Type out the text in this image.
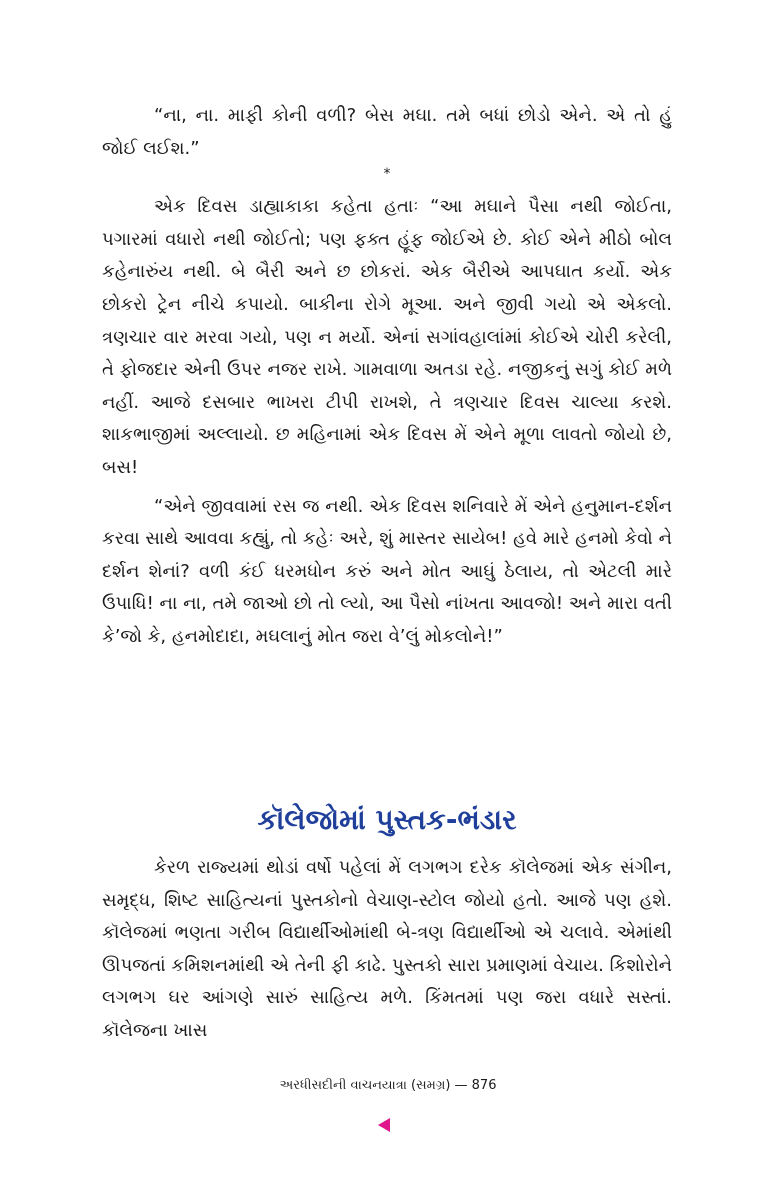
“ના, ના. માફી કોની વળી? બેસ મઘા. તમે બધાં છોડો એને. એ તો હું જોઈ લઈશ.”

*

એક દિવસ ડાહ્યાકાકા કહેતા હતાઃ “આ મઘાને પૈસા નથી જોઈતા, પગારમાં વધારો નથી જોઈતો; પણ ફક્ત હૂંફ જોઈએ છે. કોઈ એને મીઠો બોલ કહેનારુંય નથી. બે બૈરી અને છ છોકરાં. એક બૈરીએ આપઘાત કર્યો. એક છોકરો ટ્રેન નીચે કપાયો. બાકીના રોગે મૂઆ. અને જીવી ગયો એ એકલો. ત્રણચાર વાર મરવા ગયો, પણ ન મર્યો. એનાં સગાંવહાલાંમાં કોઈએ ચોરી કરેલી, તે ફોજદાર એની ઉપર નજર રાખે. ગામવાળા અતડા રહે. નજીકનું સગું કોઈ મળે નહીં. આજે દસબાર ભાખરા ટીપી રાખશે, તે ત્રણચાર દિવસ ચાલ્યા કરશે. શાકભાજીમાં અલ્લાયો. છ મહિનામાં એક દિવસ મેં એને મૂળા લાવતો જોયો છે, બસ!

“એને જીવવામાં રસ જ નથી. એક દિવસ શનિવારે મેં એને હનુમાન-દર્શન કરવા સાથે આવવા કહ્યું, તો કહેઃ અરે, શું માસ્તર સાયેબ! હવે મારે હનમો કેવો ને દર્શન શેનાં? વળી કંઈ ધરમધોન કરું અને મોત આઘું ઠેલાય, તો એટલી મારે ઉપાધિ! ના ના, તમે જાઓ છો તો લ્યો, આ પૈસો નાંખતા આવજો! અને મારા વતી કે’જો કે, હનમોદાદા, મઘલાનું મોત જરા વે’લું મોકલોને!”

કૉલેજોમાં પુસ્તક-ભંડાર

કેરળ રાજ્યમાં થોડાં વર્ષો પહેલાં મેં લગભગ દરેક કૉલેજમાં એક સંગીન, સમૃદ્ધ, શિષ્ટ સાહિત્યનાં પુસ્તકોનો વેચાણ-સ્ટોલ જોયો હતો. આજે પણ હશે. કૉલેજમાં ભણતા ગરીબ વિદ્યાર્થીઓમાંથી બે-ત્રણ વિદ્યાર્થીઓ એ ચલાવે. એમાંથી ઊપજતાં કમિશનમાંથી એ તેની ફી કાઢે. પુસ્તકો સારા પ્રમાણમાં વેચાય. કિશોરોને લગભગ ઘર આંગણે સારું સાહિત્ય મળે. કિંમતમાં પણ જરા વધારે સસ્તાં. કૉલેજના ખાસ

અરધીસદીની વાચનયાત્રા (સમગ્ર) — 876
